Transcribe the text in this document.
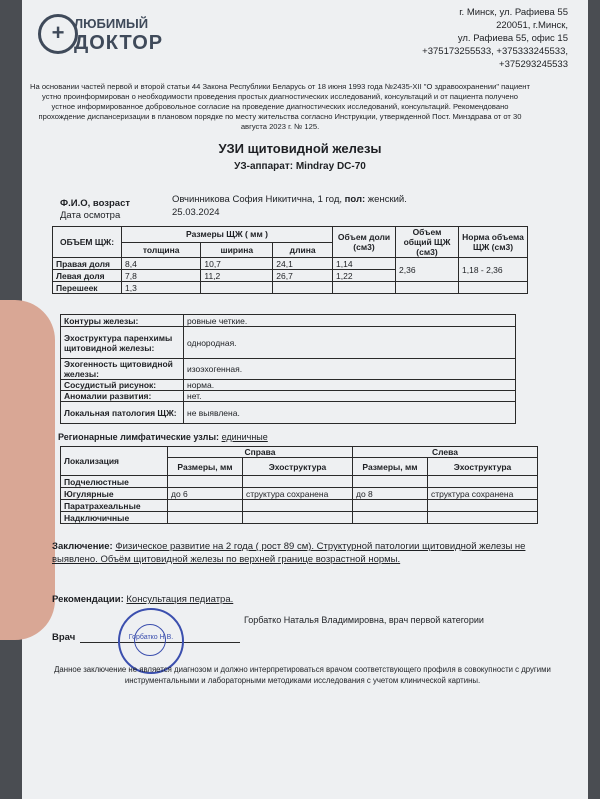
+ ЛЮБИМЫЙ
ДОКТОР
г. Минск, ул. Рафиева 55
220051, г.Минск,
ул. Рафиева 55, офис 15
+375173255533, +375333245533,
+375293245533
На основании частей первой и второй статьи 44 Закона Республики Беларусь от 18 июня 1993 года №2435-XII "О здравоохранении" пациент устно проинформирован о необходимости проведения простых диагностических исследований, консультаций и от пациента получено устное информированное добровольное согласие на проведение диагностических исследований, консультаций. Рекомендовано прохождение диспансеризации в плановом порядке по месту жительства согласно Инструкции, утвержденной Пост. Минздрава от от 30 августа 2023 г. № 125.
УЗИ щитовидной железы
УЗ-аппарат: Mindray DC-70
Ф.И.О, возраст	Овчинникова София Никитична, 1 год, пол: женский.
Дата осмотра	25.03.2024
ОБЪЕМ ЩЖ:	Размеры ЩЖ ( мм )			Объем доли (см3)	Объем общий ЩЖ (см3)	Норма объема ЩЖ (см3)
	толщина	ширина	длина			
Правая доля	8,4	10,7	24,1	1,14	2,36	1,18 - 2,36
Левая доля	7,8	11,2	26,7	1,22		
Перешеек	1,3					
Контуры железы:	ровные четкие.
Эхоструктура паренхимы щитовидной железы:	однородная.
Эхогенность щитовидной железы:	изоэхогенная.
Сосудистый рисунок:	норма.
Аномалии развития:	нет.
Локальная патология ЩЖ:	не выявлена.
Регионарные лимфатические узлы: единичные
Локализация	Справа		Слева	
	Размеры, мм	Эхоструктура	Размеры, мм	Эхоструктура
Подчелюстные				
Югулярные	до 6	структура сохранена	до 8	структура сохранена
Паратрахеальные				
Надключичные				
Заключение: Физическое развитие на 2 года ( рост 89 см). Структурной патологии щитовидной железы не выявлено. Объём щитовидной железы по верхней границе возрастной нормы.
Рекомендации: Консультация педиатра.
Врач	Горбатко Н.В.
Горбатко Наталья Владимировна, врач первой категории
Данное заключение не является диагнозом и должно интерпретироваться врачом соответствующего профиля в совокупности с другими инструментальными и лабораторными методиками исследования с учетом клинической картины.
